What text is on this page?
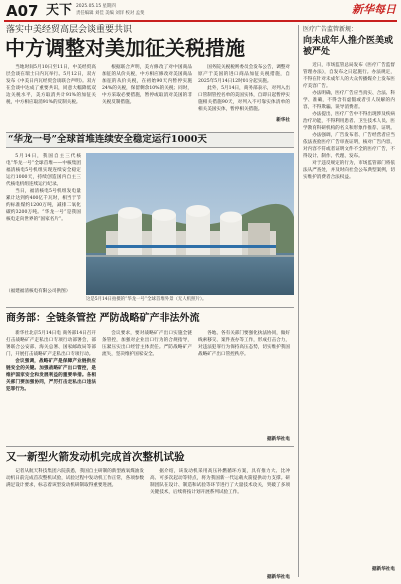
A07 天下 2025.05.15 星期四
责任编辑 刘佳 美编 刘洋 校对 孟斐	新华每日
落实中美经贸高层会谈重要共识
中方调整对美加征关税措施

当地时间5月10日至11日，中美经贸高层会谈在瑞士日内瓦举行。5月12日，双方发布《中美日内瓦经贸会谈联合声明》。双方在会谈中达成了重要共识，同意大幅降低双边关税水平，美方取消共计91%的加征关税，中方相应取消91%的反制关税。

根据联合声明，美方修改了对中国商品加征的从价关税，中方相应修改对美国商品加征的从价关税，在初始90天内暂停实施24%的关税，保留剩余10%的关税；同时，中方采取必要措施，暂停或取消对美国的非关税反制措施。

国务院关税税则委员会发布公告，调整对原产于美国的进口商品加征关税措施，自2025年5月14日12时01分起实施。

此外，5月14日，商务部表示，对列入出口管制管控名单的美国实体，自即日起暂停实施相关措施90天，对列入不可靠实体清单的相关美国实体，暂停相关措施。

新华社
“华龙一号”全球首堆连续安全稳定运行1000天

5月14日，我国自主三代核电“华龙一号”全球首堆——中核集团福清核电5号机组实现连续安全稳定运行1000天，持续创造国内自主三代核电机组连续运行纪录。

当日，福清核电5号机组发电量累计达到约400亿千瓦时，相当于节约标准煤约1200万吨，减排二氧化碳约3200万吨。“华龙一号”是我国核电走向世界的“国家名片”。

（福建福清核电有限公司供图）
这是5月14日拍摄的“华龙一号”全球首堆外景（无人机照片）。
商务部：全链条管控 严防战略矿产非法外流

新华社北京5月14日电 商务部14日召开打击战略矿产走私出口专项行动部署会，部署联合公安部、海关总署、国家邮政局等部门，开展打击战略矿产走私出口专项行动。

会议强调，战略矿产是保障产业链供应链安全的关键。加强战略矿产出口管控，是维护国家安全和发展利益的重要举措。各相关部门要加强协同，严厉打击走私出口违法犯罪行为。

会议要求，要对战略矿产出口实施全链条管控，加强对企业出口行为的合规指导，压紧压实出口经营主体责任。严防战略矿产流失，坚决维护国家安全。

各地、各有关部门要强化执法协同，做好线索移交、案件查办等工作，形成打击合力，对违法犯罪行为保持高压态势，切实维护我国战略矿产出口管控秩序。

据新华社电
又一新型火箭发动机完成首次整机试验

记者从航天科技集团六院获悉，我国自主研制的新型液氧煤油发动机日前完成首次整机试验，试验过程中发动机工作正常，各项参数满足设计要求，标志着该型发动机研制取得重要进展。

据介绍，该发动机采用高压补燃循环方案，具有推力大、比冲高、可多次起动等特点，将为我国新一代运载火箭提供动力支撑。研制团队在设计、制造和试验等环节进行了大量技术攻关，突破了多项关键技术，后续将按计划开展系列试验工作。

据新华社电
医疗广告监管新规：
向未成年人推介医美或被严处

近日，市场监管总局发布《医疗广告监督管理办法》，自发布之日起施行。办法规定，不得在针对未成年人的大众传播媒介上发布医疗美容广告。

办法明确，医疗广告应当真实、合法、科学、准确，不得含有虚假或者引人误解的内容，不得欺骗、误导消费者。

办法提出，医疗广告中不得出现涉及疾病治疗功能，不得利用患者、卫生技术人员、医学教育科研机构的名义和形象作推荐、证明。

办法强调，广告发布者、广告经营者应当依法查验医疗广告审查证明，核对广告内容，对内容不符或者证明文件不全的医疗广告，不得设计、制作、代理、发布。

对于违反规定的行为，市场监管部门将依法从严查处，并及时向社会公布典型案例，切实维护消费者合法权益。

据新华社电
